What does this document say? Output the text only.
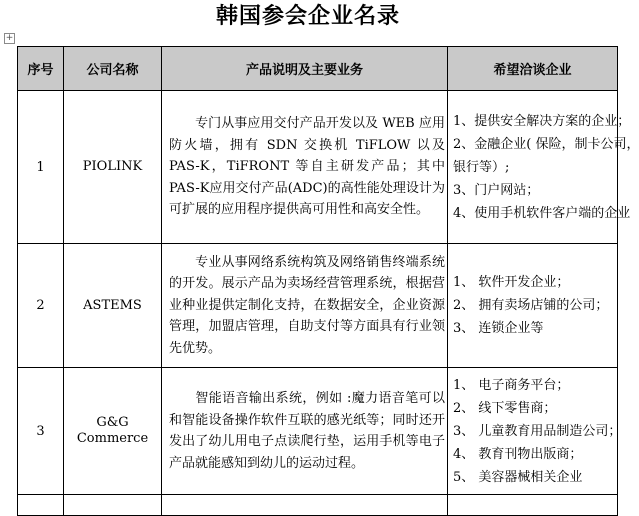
韩国参会企业名录
+
序号	公司名称	产品说明及主要业务	希望洽谈企业
1	PIOLINK	专门从事应用交付产品开发以及 WEB 应用防火墙，拥有 SDN 交换机 TiFLOW 以及 PAS-K，TiFRONT 等自主研发产品；其中PAS-K应用交付产品(ADC)的高性能处理设计为可扩展的应用程序提供高可用性和高安全性。	1、提供安全解决方案的企业；
2、金融企业( 保险，制卡公司，
银行等）;
3、门户网站；
4、使用手机软件客户端的企业

2	ASTEMS	专业从事网络系统构筑及网络销售终端系统的开发。展示产品为卖场经营管理系统，根据营业种业提供定制化支持，在数据安全，企业资源管理，加盟店管理，自助支付等方面具有行业领先优势。	1、 软件开发企业；
2、 拥有卖场店铺的公司；
3、 连锁企业等

3	G&G
Commerce	智能语音输出系统，例如 :魔力语音笔可以和智能设备操作软件互联的感光纸等；同时还开发出了幼儿用电子点读爬行垫，运用手机等电子产品就能感知到幼儿的运动过程。	1、 电子商务平台；
2、 线下零售商；
3、 儿童教育用品制造公司；
4、 教育刊物出版商；
5、 美容器械相关企业
